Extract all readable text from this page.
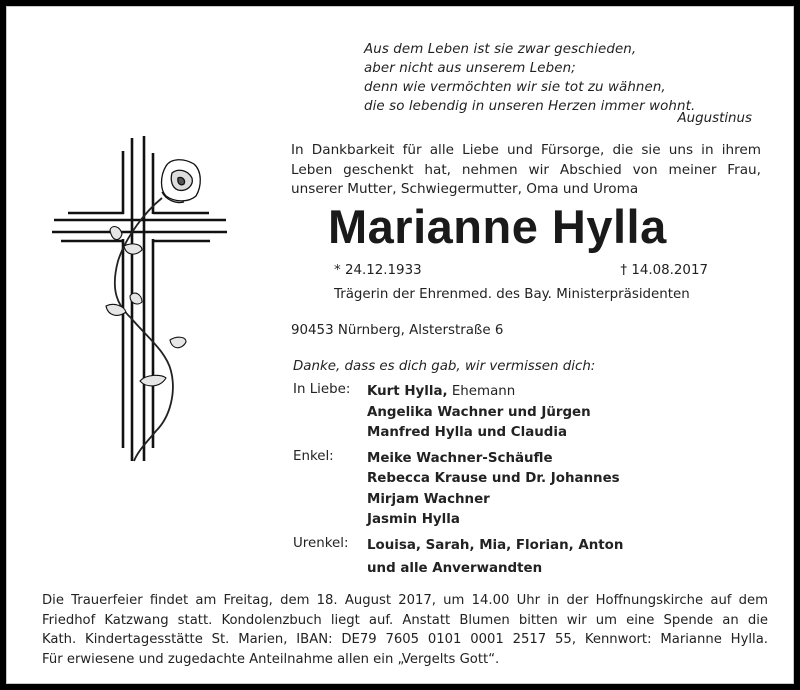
Aus dem Leben ist sie zwar geschieden,
aber nicht aus unserem Leben;
denn wie vermöchten wir sie tot zu wähnen,
die so lebendig in unseren Herzen immer wohnt.
Augustinus
In Dankbarkeit für alle Liebe und Fürsorge, die sie uns in ihrem
Leben geschenkt hat, nehmen wir Abschied von meiner Frau,
unserer Mutter, Schwiegermutter, Oma und Uroma
Marianne Hylla
* 24.12.1933	† 14.08.2017
Trägerin der Ehrenmed. des Bay. Ministerpräsidenten
90453 Nürnberg, Alsterstraße 6
Danke, dass es dich gab, wir vermissen dich:
In Liebe:	Kurt Hylla, Ehemann
Angelika Wachner und Jürgen
Manfred Hylla und Claudia
Enkel:	Meike Wachner-Schäufle
Rebecca Krause und Dr. Johannes
Mirjam Wachner
Jasmin Hylla
Urenkel:	Louisa, Sarah, Mia, Florian, Anton
und alle Anverwandten
Die Trauerfeier findet am Freitag, dem 18. August 2017, um 14.00 Uhr in der Hoffnungskirche auf dem
Friedhof Katzwang statt. Kondolenzbuch liegt auf. Anstatt Blumen bitten wir um eine Spende an die
Kath. Kindertagesstätte St. Marien, IBAN: DE79 7605 0101 0001 2517 55, Kennwort: Marianne Hylla.
Für erwiesene und zugedachte Anteilnahme allen ein „Vergelts Gott“.
